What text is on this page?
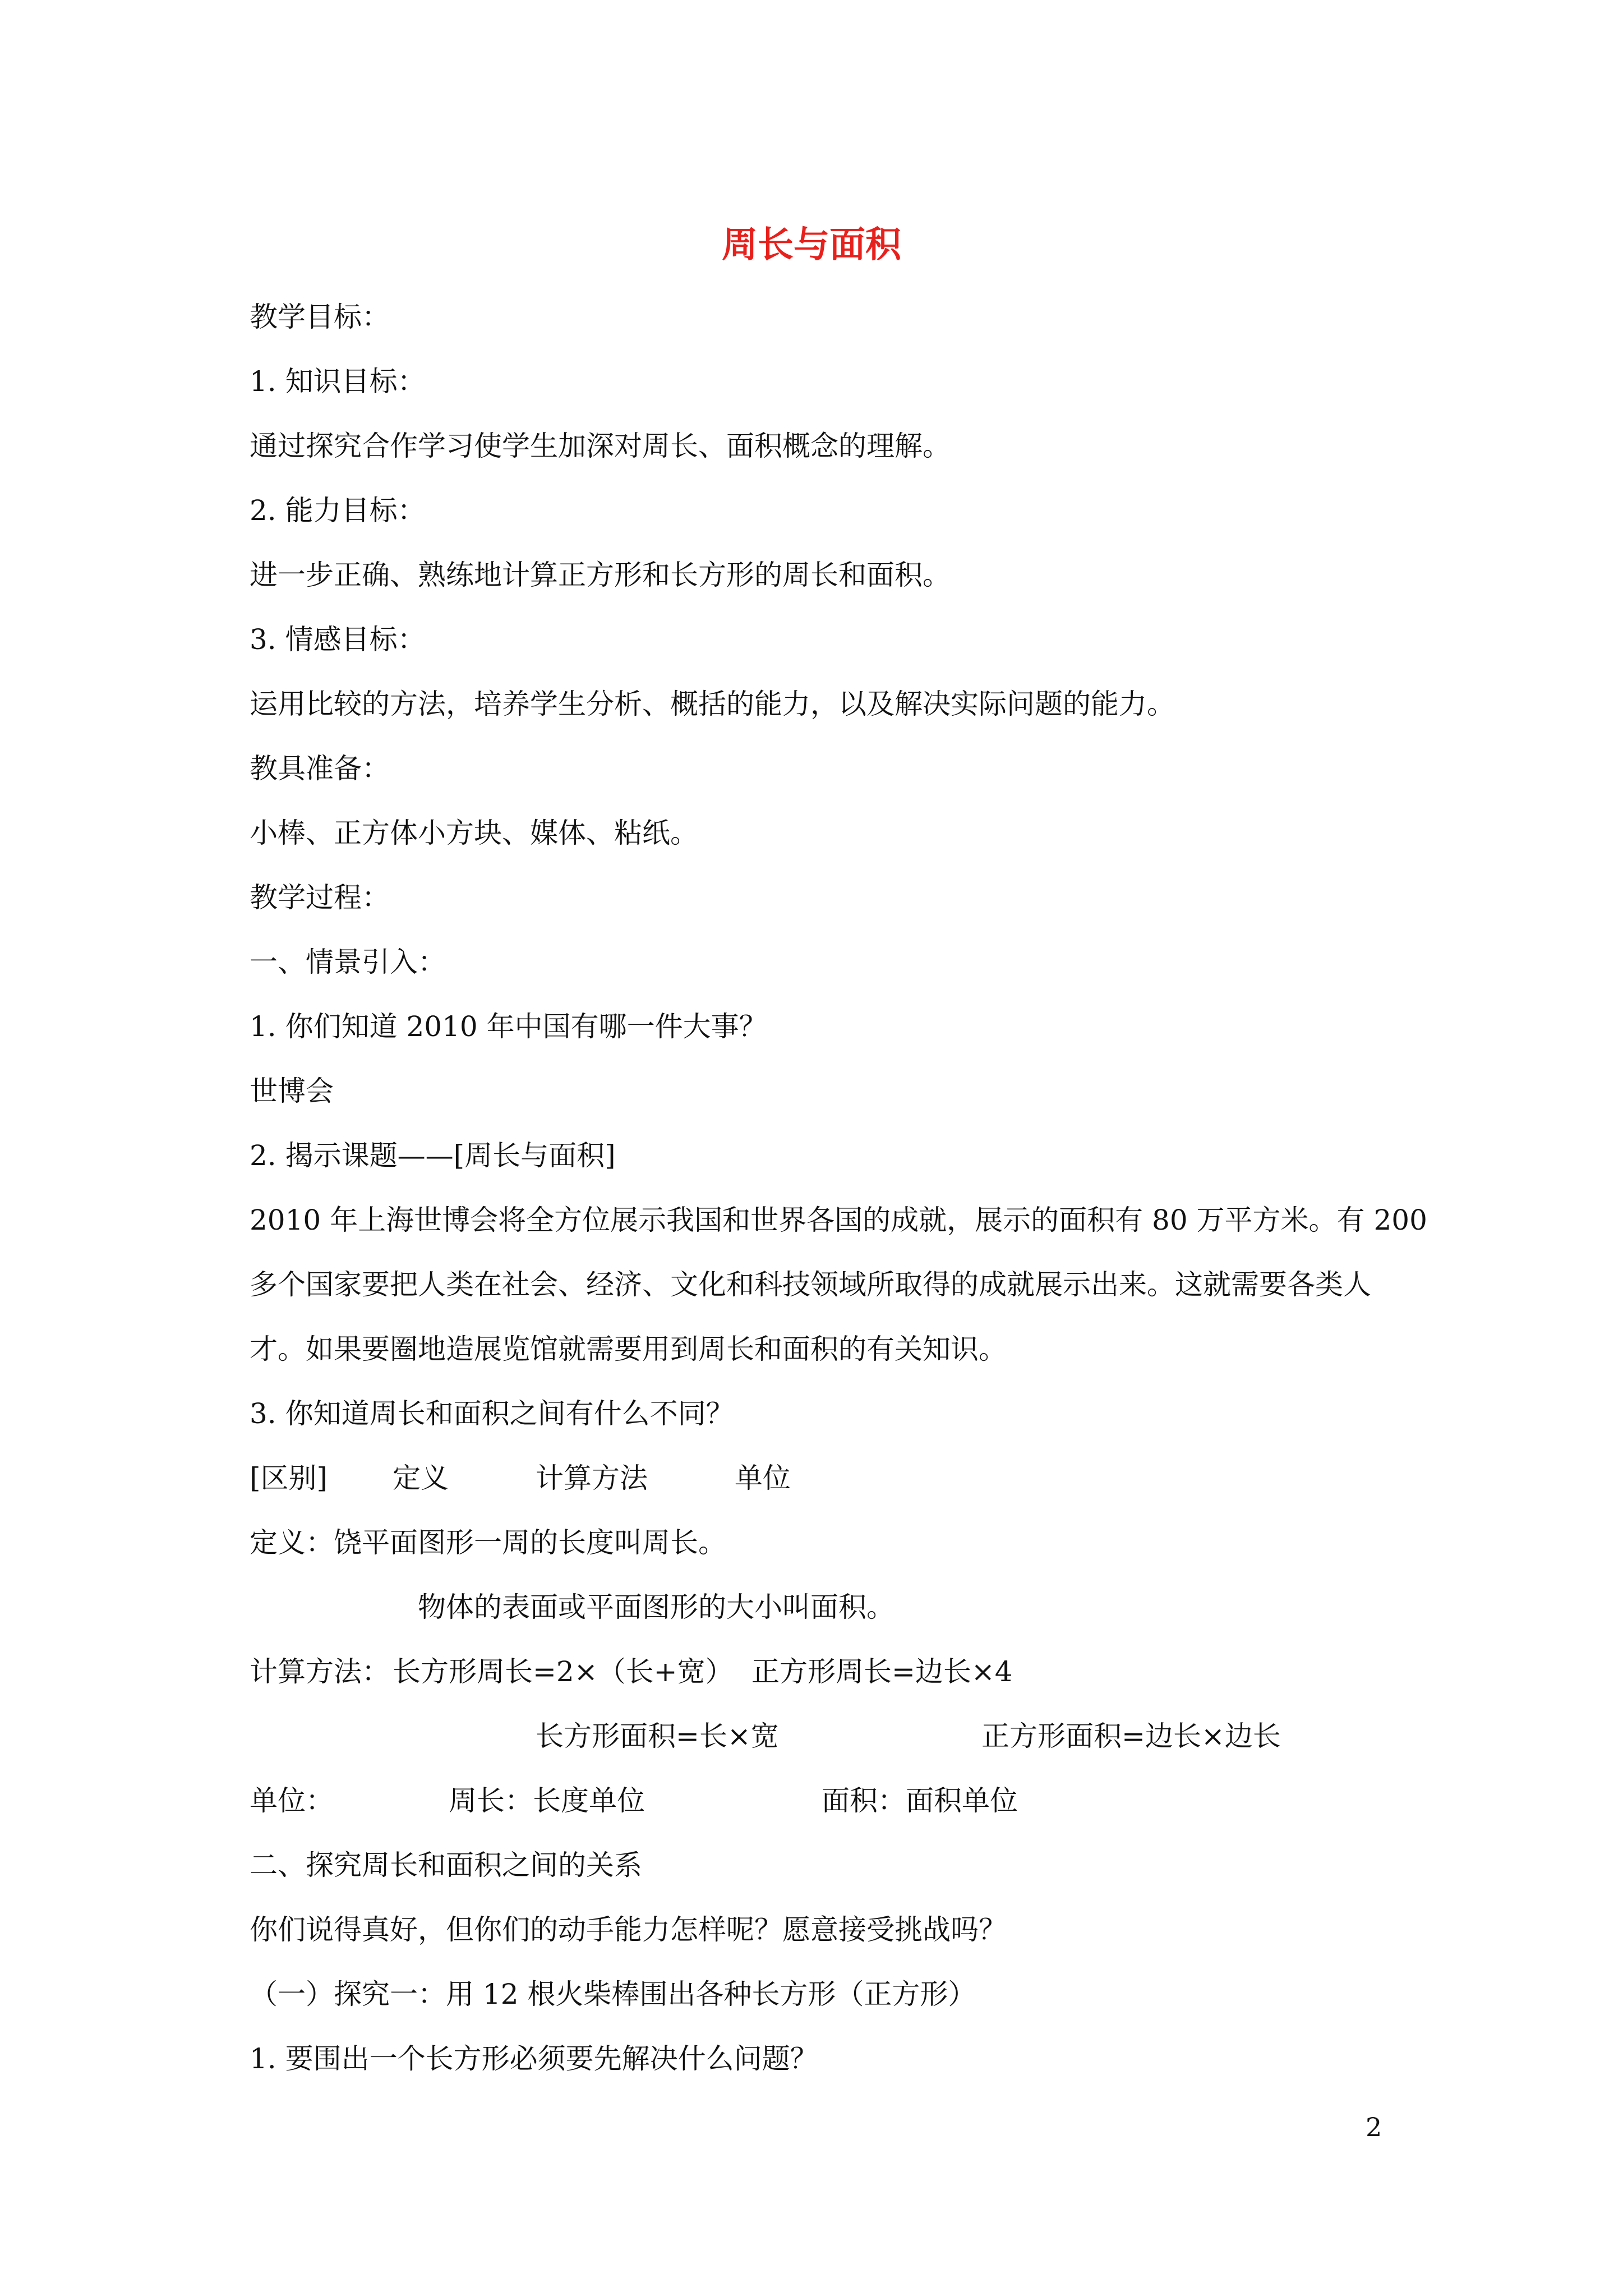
周长与面积
教学目标：
1. 知识目标：
通过探究合作学习使学生加深对周长、面积概念的理解。
2. 能力目标：
进一步正确、熟练地计算正方形和长方形的周长和面积。
3. 情感目标：
运用比较的方法，培养学生分析、概括的能力，以及解决实际问题的能力。
教具准备：
小棒、正方体小方块、媒体、粘纸。
教学过程：
一、情景引入：
1. 你们知道 2010 年中国有哪一件大事？
世博会
2. 揭示课题——[周长与面积]
2010 年上海世博会将全方位展示我国和世界各国的成就，展示的面积有 80 万平方米。有 200
多个国家要把人类在社会、经济、文化和科技领域所取得的成就展示出来。这就需要各类人
才。如果要圈地造展览馆就需要用到周长和面积的有关知识。
3. 你知道周长和面积之间有什么不同？
[区别] 定义	计算方法	单位
定义：饶平面图形一周的长度叫周长。
物体的表面或平面图形的大小叫面积。
计算方法： 长方形周长=2×（长+宽） 正方形周长=边长×4
长方形面积=长×宽	正方形面积=边长×边长
单位：	周长：长度单位	面积：面积单位
二、探究周长和面积之间的关系
你们说得真好，但你们的动手能力怎样呢？愿意接受挑战吗？
（一）探究一：用 12 根火柴棒围出各种长方形（正方形）
1. 要围出一个长方形必须要先解决什么问题？
2
